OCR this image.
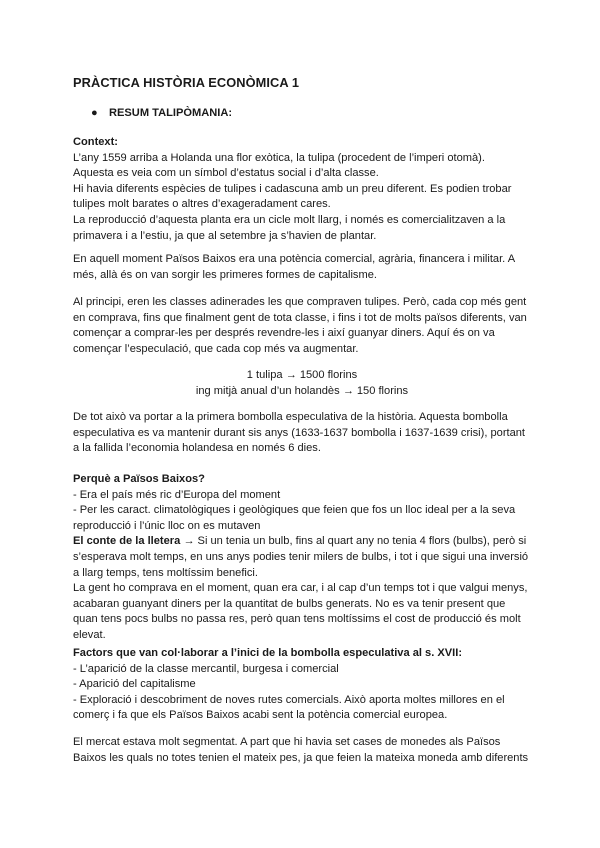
PRÀCTICA HISTÒRIA ECONÒMICA 1
● RESUM TALIPÒMANIA:

Context:

L’any 1559 arriba a Holanda una flor exòtica, la tulipa (procedent de l’imperi otomà).

Aquesta es veia com un símbol d’estatus social i d’alta classe.

Hi havia diferents espècies de tulipes i cadascuna amb un preu diferent. Es podien trobar tulipes molt barates o altres d’exageradament cares.

La reproducció d’aquesta planta era un cicle molt llarg, i només es comercialitzaven a la primavera i a l’estiu, ja que al setembre ja s’havien de plantar.

En aquell moment Països Baixos era una potència comercial, agrària, financera i militar. A més, allà és on van sorgir les primeres formes de capitalisme.

Al principi, eren les classes adinerades les que compraven tulipes. Però, cada cop més gent en comprava, fins que finalment gent de tota classe, i fins i tot de molts països diferents, van començar a comprar-les per després revendre-les i així guanyar diners. Aquí és on va començar l’especulació, que cada cop més va augmentar.

1 tulipa → 1500 florins

ing mitjà anual d’un holandès → 150 florins

De tot això va portar a la primera bombolla especulativa de la història. Aquesta bombolla especulativa es va mantenir durant sis anys (1633-1637 bombolla i 1637-1639 crisi), portant a la fallida l’economia holandesa en només 6 dies.

Perquè a Països Baixos?

- Era el país més ric d’Europa del moment

- Per les caract. climatològiques i geològiques que feien que fos un lloc ideal per a la seva reproducció i l’únic lloc on es mutaven

El conte de la lletera → Si un tenia un bulb, fins al quart any no tenia 4 flors (bulbs), però si s’esperava molt temps, en uns anys podies tenir milers de bulbs, i tot i que sigui una inversió a llarg temps, tens moltíssim benefici.

La gent ho comprava en el moment, quan era car, i al cap d’un temps tot i que valgui menys, acabaran guanyant diners per la quantitat de bulbs generats. No es va tenir present que quan tens pocs bulbs no passa res, però quan tens moltíssims el cost de producció és molt elevat.

Factors que van col·laborar a l’inici de la bombolla especulativa al s. XVII:

- L’aparició de la classe mercantil, burgesa i comercial

- Aparició del capitalisme

- Exploració i descobriment de noves rutes comercials. Això aporta moltes millores en el comerç i fa que els Països Baixos acabi sent la potència comercial europea.

El mercat estava molt segmentat. A part que hi havia set cases de monedes als Països Baixos les quals no totes tenien el mateix pes, ja que feien la mateixa moneda amb diferents
